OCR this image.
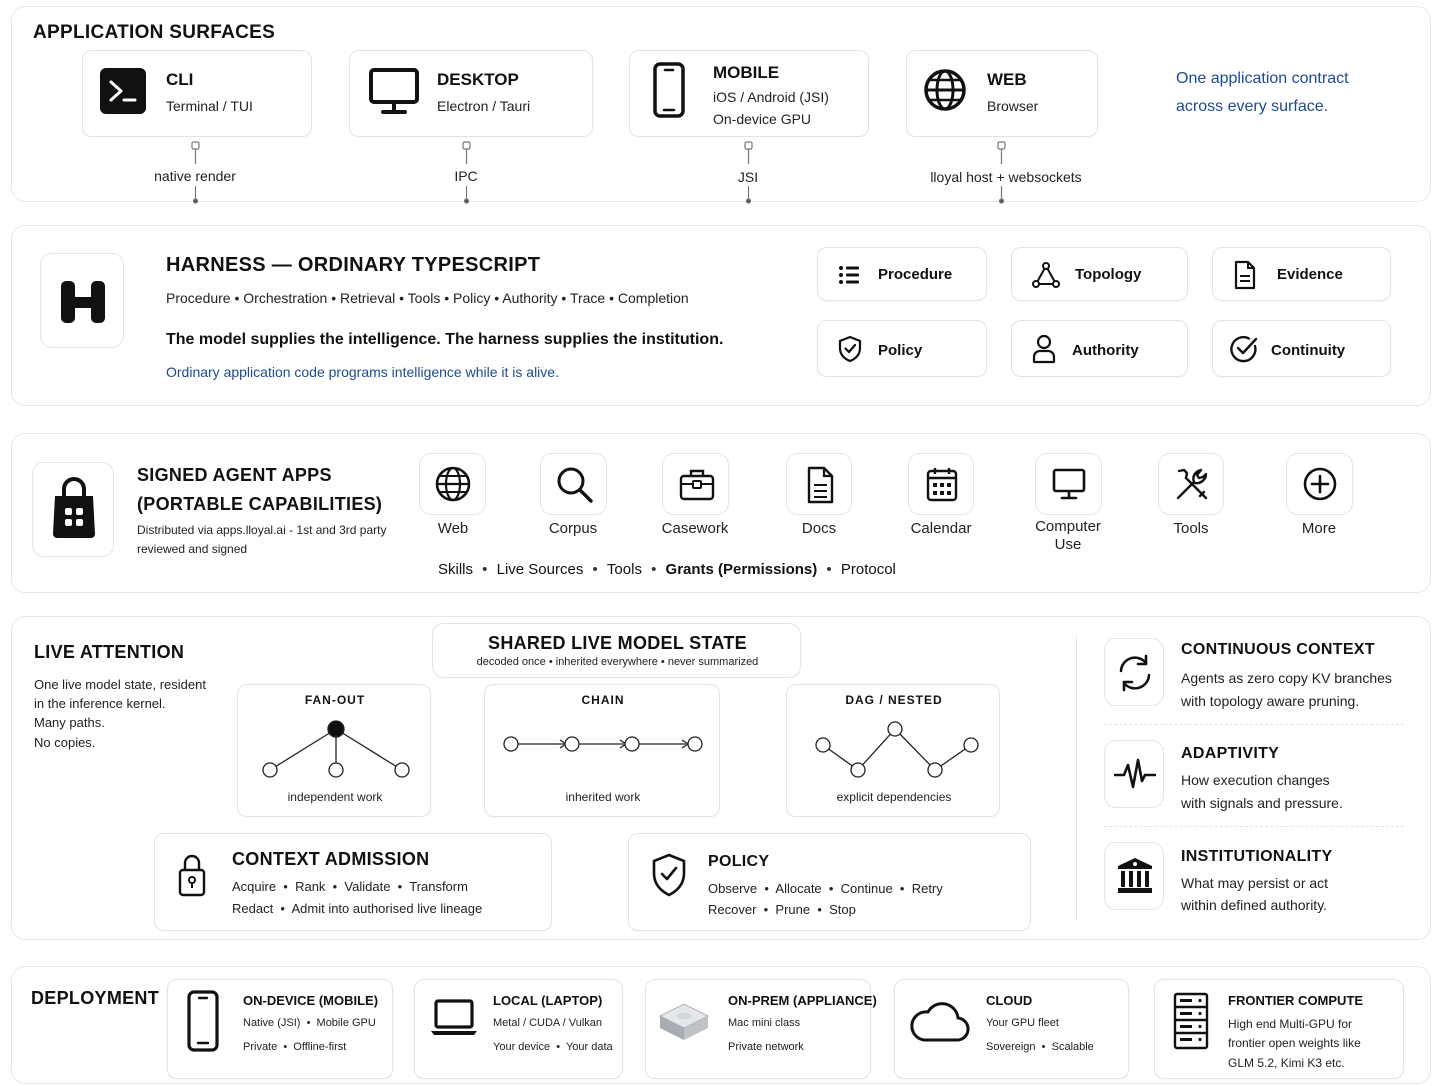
APPLICATION SURFACES
CLI
Terminal / TUI
DESKTOP
Electron / Tauri
MOBILE
iOS / Android (JSI)
On-device GPU
WEB
Browser
One application contract
across every surface.
native render	IPC	JSI	lloyal host + websockets
HARNESS — ORDINARY TYPESCRIPT
Procedure • Orchestration • Retrieval • Tools • Policy • Authority • Trace • Completion
The model supplies the intelligence. The harness supplies the institution.
Ordinary application code programs intelligence while it is alive.
Procedure	Topology	Evidence
Policy	Authority	Continuity
SIGNED AGENT APPS
(PORTABLE CAPABILITIES)
Distributed via apps.lloyal.ai - 1st and 3rd party
reviewed and signed
Web	Corpus	Casework	Docs	Calendar	Computer
Use
Tools	More
Skills • Live Sources • Tools • Grants (Permissions) • Protocol
LIVE ATTENTION
One live model state, resident
in the inference kernel.
Many paths.
No copies.
FAN-OUT
independent work
CHAIN
inherited work
DAG / NESTED
explicit dependencies
SHARED LIVE MODEL STATE
decoded once • inherited everywhere • never summarized
CONTEXT ADMISSION
Acquire  •  Rank  •  Validate  •  Transform
Redact  •  Admit into authorised live lineage
POLICY
Observe  •  Allocate  •  Continue  •  Retry
Recover  •  Prune  •  Stop
CONTINUOUS CONTEXT
Agents as zero copy KV branches
with topology aware pruning.
ADAPTIVITY
How execution changes
with signals and pressure.
INSTITUTIONALITY
What may persist or act
within defined authority.
DEPLOYMENT	ON-DEVICE (MOBILE)
Native (JSI)  •  Mobile GPU
Private  •  Offline-first
LOCAL (LAPTOP)
Metal / CUDA / Vulkan
Your device  •  Your data
ON-PREM (APPLIANCE)
Mac mini class
Private network
CLOUD
Your GPU fleet
Sovereign  •  Scalable
FRONTIER COMPUTE
High end Multi-GPU for
frontier open weights like
GLM 5.2, Kimi K3 etc.
